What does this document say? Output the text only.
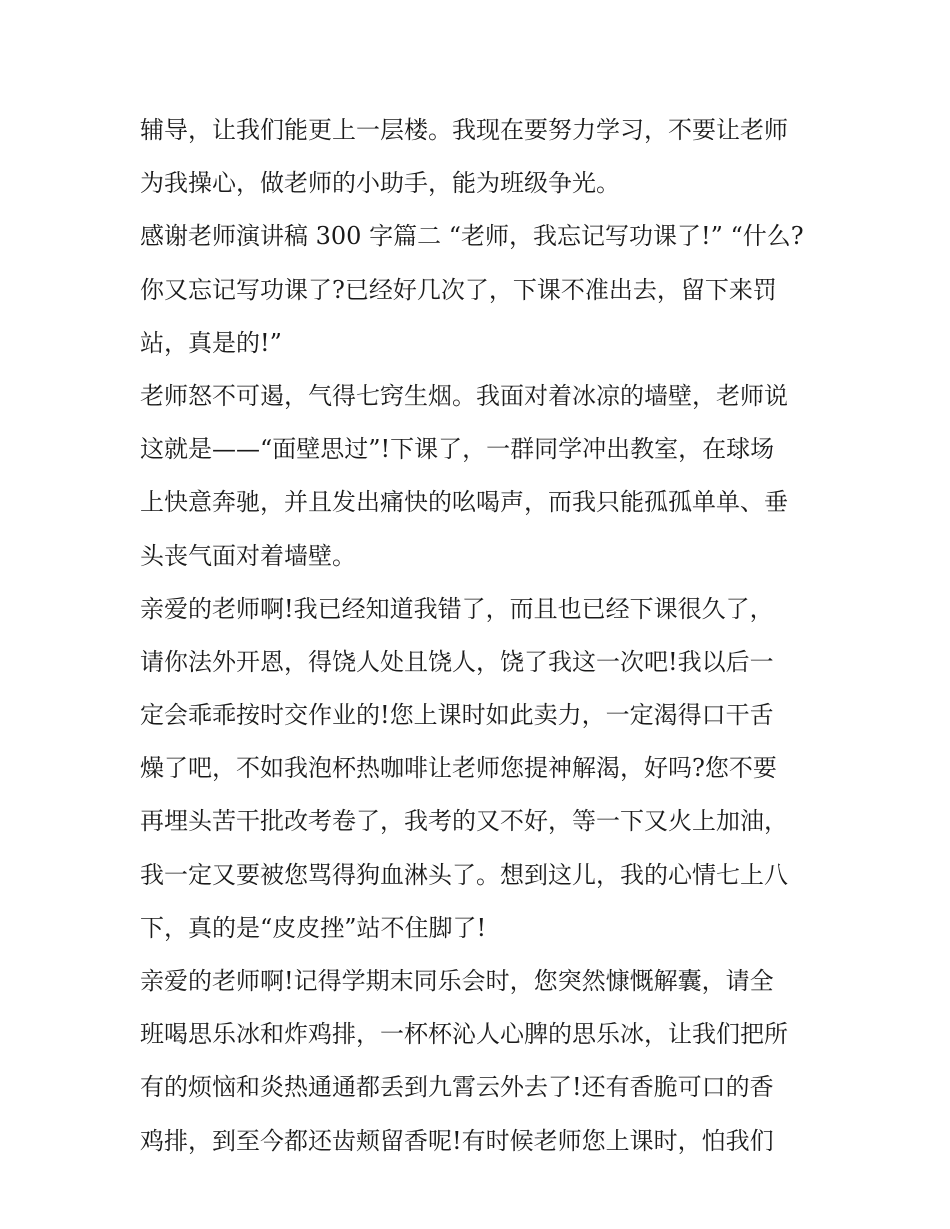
辅导，让我们能更上一层楼。我现在要努力学习，不要让老师
为我操心，做老师的小助手，能为班级争光。
感谢老师演讲稿 300 字篇二 “老师，我忘记写功课了!” “什么?
你又忘记写功课了?已经好几次了，下课不准出去，留下来罚
站，真是的!”
老师怒不可遏，气得七窍生烟。我面对着冰凉的墙壁，老师说
这就是——“面壁思过”!下课了，一群同学冲出教室，在球场
上快意奔驰，并且发出痛快的吆喝声，而我只能孤孤单单、垂
头丧气面对着墙壁。
亲爱的老师啊!我已经知道我错了，而且也已经下课很久了，
请你法外开恩，得饶人处且饶人，饶了我这一次吧!我以后一
定会乖乖按时交作业的!您上课时如此卖力，一定渴得口干舌
燥了吧，不如我泡杯热咖啡让老师您提神解渴，好吗?您不要
再埋头苦干批改考卷了，我考的又不好，等一下又火上加油，
我一定又要被您骂得狗血淋头了。想到这儿，我的心情七上八
下，真的是“皮皮挫”站不住脚了!
亲爱的老师啊!记得学期末同乐会时，您突然慷慨解囊，请全
班喝思乐冰和炸鸡排，一杯杯沁人心脾的思乐冰，让我们把所
有的烦恼和炎热通通都丢到九霄云外去了!还有香脆可口的香
鸡排，到至今都还齿颊留香呢!有时候老师您上课时，怕我们
